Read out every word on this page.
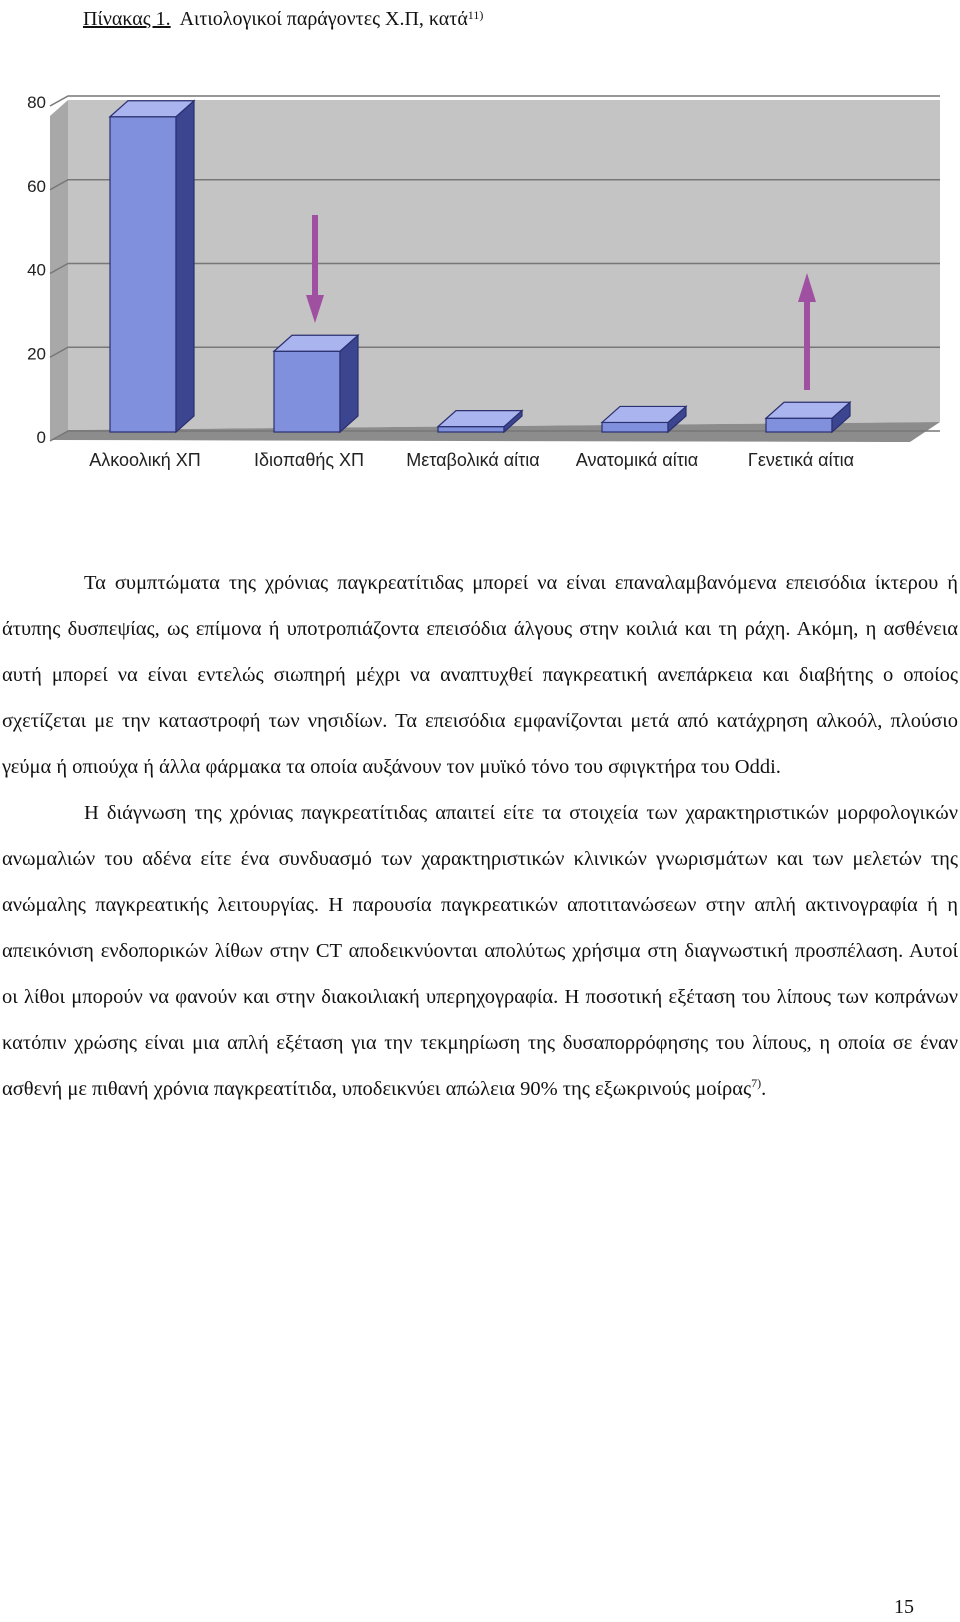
Πίνακας 1. Αιτιολογικοί παράγοντες Χ.Π, κατά$^{11)}$
0
20
40
60
80
Αλκοολική ΧΠ	Ιδιοπαθής ΧΠ Μεταβολικά αίτια Ανατομικά αίτια	Γενετικά αίτια

Τα συμπτώματα της χρόνιας παγκρεατίτιδας μπορεί να είναι επαναλαμβανόμενα επεισόδια ίκτερου ή άτυπης δυσπεψίας, ως επίμονα ή υποτροπιάζοντα επεισόδια άλγους στην κοιλιά και τη ράχη. Ακόμη, η ασθένεια αυτή μπορεί να είναι εντελώς σιωπηρή μέχρι να αναπτυχθεί παγκρεατική ανεπάρκεια και διαβήτης ο οποίος σχετίζεται με την καταστροφή των νησιδίων. Τα επεισόδια εμφανίζονται μετά από κατάχρηση αλκοόλ, πλούσιο γεύμα ή οπιούχα ή άλλα φάρμακα τα οποία αυξάνουν τον μυϊκό τόνο του σφιγκτήρα του Oddi.

Η διάγνωση της χρόνιας παγκρεατίτιδας απαιτεί είτε τα στοιχεία των χαρακτηριστικών μορφολογικών ανωμαλιών του αδένα είτε ένα συνδυασμό των χαρακτηριστικών κλινικών γνωρισμάτων και των μελετών της ανώμαλης παγκρεατικής λειτουργίας. Η παρουσία παγκρεατικών αποτιτανώσεων στην απλή ακτινογραφία ή η απεικόνιση ενδοπορικών λίθων στην CT αποδεικνύονται απολύτως χρήσιμα στη διαγνωστική προσπέλαση. Αυτοί οι λίθοι μπορούν να φανούν και στην διακοιλιακή υπερηχογραφία. Η ποσοτική εξέταση του λίπους των κοπράνων κατόπιν χρώσης είναι μια απλή εξέταση για την τεκμηρίωση της δυσαπορρόφησης του λίπους, η οποία σε έναν ασθενή με πιθανή χρόνια παγκρεατίτιδα, υποδεικνύει απώλεια 90% της εξωκρινούς μοίρας$^{7)}$.

15
